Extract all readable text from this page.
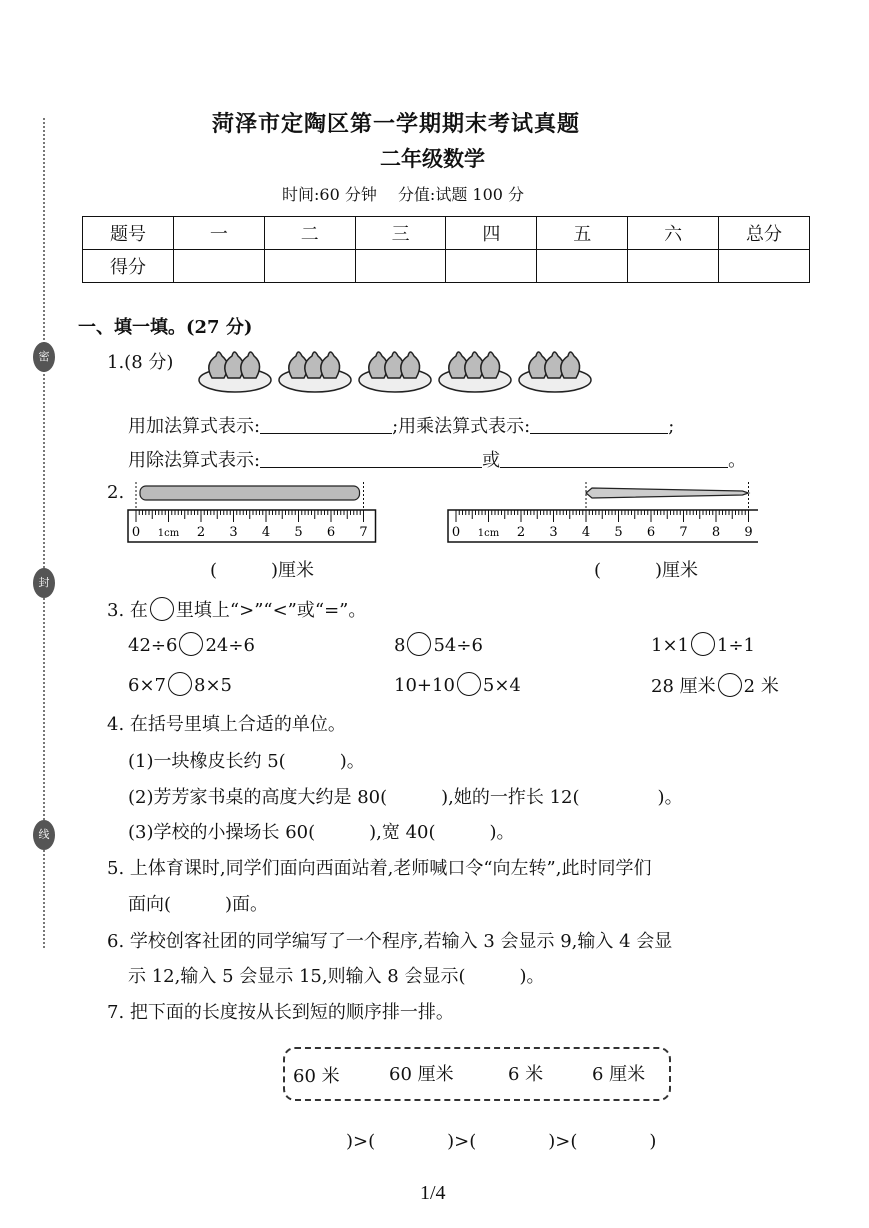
密
封
线
菏泽市定陶区第一学期期末考试真题
二年级数学
时间:60 分钟　 分值:试题 100 分
题号	一	二	三	四	五	六	总分
得分							
一、填一填。(27 分)
1.(8 分)
用加法算式表示:	;用乘法算式表示:	;
用除法算式表示:	或	。
2.
0 1cm 2 3 4 5 6 7	0 1cm 2 3 4 5 6 7 8 9
(　　　)厘米	(　　　)厘米
3. 在 里填上“>”“<”或“=”。
42÷6 24÷6	8 54÷6	1×1 1÷1
6×7 8×5	10+10 5×4	28 厘米 2 米
4. 在括号里填上合适的单位。
(1)一块橡皮长约 5(　　　)。
(2)芳芳家书桌的高度大约是 80(　　　),她的一拃长 12(	)。
(3)学校的小操场长 60(　　　),宽 40(　　　)。
5. 上体育课时,同学们面向西面站着,老师喊口令“向左转”,此时同学们
面向(　　　)面。
6. 学校创客社团的同学编写了一个程序,若输入 3 会显示 9,输入 4 会显
示 12,输入 5 会显示 15,则输入 8 会显示(　　　)。
7. 把下面的长度按从长到短的顺序排一排。
60 米	60 厘米	6 米	6 厘米
)>(　　　　)>(　　　　)>(　　　　)
1/4
